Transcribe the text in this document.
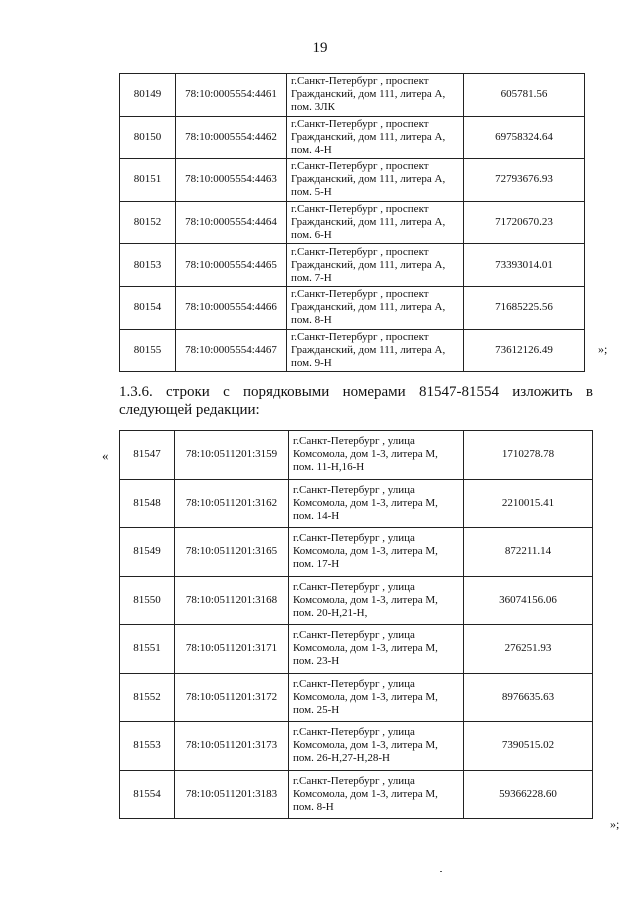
19
80149	78:10:0005554:4461	г.Санкт-Петербург , проспект
Гражданский, дом 111, литера А,
пом. 3ЛК	605781.56
80150	78:10:0005554:4462	г.Санкт-Петербург , проспект
Гражданский, дом 111, литера А,
пом. 4-Н	69758324.64
80151	78:10:0005554:4463	г.Санкт-Петербург , проспект
Гражданский, дом 111, литера А,
пом. 5-Н	72793676.93
80152	78:10:0005554:4464	г.Санкт-Петербург , проспект
Гражданский, дом 111, литера А,
пом. 6-Н	71720670.23
80153	78:10:0005554:4465	г.Санкт-Петербург , проспект
Гражданский, дом 111, литера А,
пом. 7-Н	73393014.01
80154	78:10:0005554:4466	г.Санкт-Петербург , проспект
Гражданский, дом 111, литера А,
пом. 8-Н	71685225.56
80155	78:10:0005554:4467	г.Санкт-Петербург , проспект
Гражданский, дом 111, литера А,
пом. 9-Н	73612126.49	»;
1.3.6. строки с порядковыми номерами 81547-81554 изложить в следующей редакции:
« 81547	78:10:0511201:3159	г.Санкт-Петербург , улица
Комсомола, дом 1-3, литера М,
пом. 11-Н,16-Н	1710278.78
81548	78:10:0511201:3162	г.Санкт-Петербург , улица
Комсомола, дом 1-3, литера М,
пом. 14-Н	2210015.41
81549	78:10:0511201:3165	г.Санкт-Петербург , улица
Комсомола, дом 1-3, литера М,
пом. 17-Н	872211.14
81550	78:10:0511201:3168	г.Санкт-Петербург , улица
Комсомола, дом 1-3, литера М,
пом. 20-Н,21-Н,	36074156.06
81551	78:10:0511201:3171	г.Санкт-Петербург , улица
Комсомола, дом 1-3, литера М,
пом. 23-Н	276251.93
81552	78:10:0511201:3172	г.Санкт-Петербург , улица
Комсомола, дом 1-3, литера М,
пом. 25-Н	8976635.63
81553	78:10:0511201:3173	г.Санкт-Петербург , улица
Комсомола, дом 1-3, литера М,
пом. 26-Н,27-Н,28-Н	7390515.02
81554	78:10:0511201:3183	г.Санкт-Петербург , улица
Комсомола, дом 1-3, литера М,
пом. 8-Н	59366228.60
»;
